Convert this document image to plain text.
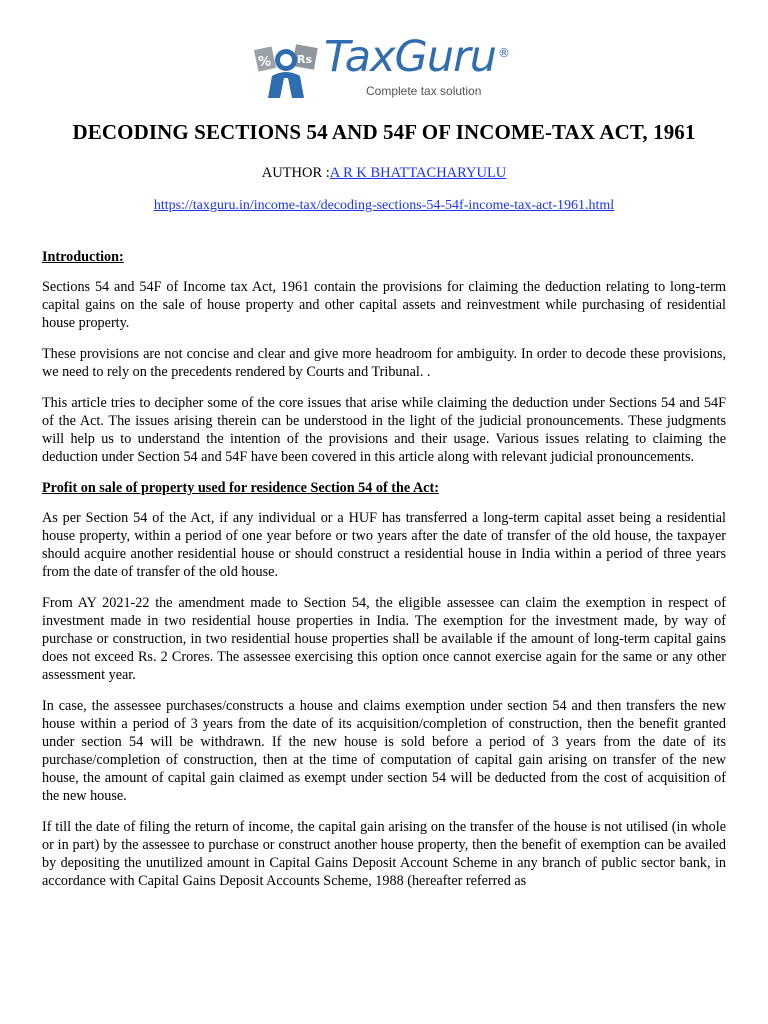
% Rs TaxGuru ®
Complete tax solution
DECODING SECTIONS 54 AND 54F OF INCOME-TAX ACT, 1961
AUTHOR :A R K BHATTACHARYULU
https://taxguru.in/income-tax/decoding-sections-54-54f-income-tax-act-1961.html
Introduction:

Sections 54 and 54F of Income tax Act, 1961 contain the provisions for claiming the deduction relating to long-term capital gains on the sale of house property and other capital assets and reinvestment while purchasing of residential house property.

These provisions are not concise and clear and give more headroom for ambiguity. In order to decode these provisions, we need to rely on the precedents rendered by Courts and Tribunal. .

This article tries to decipher some of the core issues that arise while claiming the deduction under Sections 54 and 54F of the Act. The issues arising therein can be understood in the light of the judicial pronouncements. These judgments will help us to understand the intention of the provisions and their usage. Various issues relating to claiming the deduction under Section 54 and 54F have been covered in this article along with relevant judicial pronouncements.

Profit on sale of property used for residence Section 54 of the Act:

As per Section 54 of the Act, if any individual or a HUF has transferred a long-term capital asset being a residential house property, within a period of one year before or two years after the date of transfer of the old house, the taxpayer should acquire another residential house or should construct a residential house in India within a period of three years from the date of transfer of the old house.

From AY 2021-22 the amendment made to Section 54, the eligible assessee can claim the exemption in respect of investment made in two residential house properties in India. The exemption for the investment made, by way of purchase or construction, in two residential house properties shall be available if the amount of long-term capital gains does not exceed Rs. 2 Crores. The assessee exercising this option once cannot exercise again for the same or any other assessment year.

In case, the assessee purchases/constructs a house and claims exemption under section 54 and then transfers the new house within a period of 3 years from the date of its acquisition/completion of construction, then the benefit granted under section 54 will be withdrawn. If the new house is sold before a period of 3 years from the date of its purchase/completion of construction, then at the time of computation of capital gain arising on transfer of the new house, the amount of capital gain claimed as exempt under section 54 will be deducted from the cost of acquisition of the new house.

If till the date of filing the return of income, the capital gain arising on the transfer of the house is not utilised (in whole or in part) by the assessee to purchase or construct another house property, then the benefit of exemption can be availed by depositing the unutilized amount in Capital Gains Deposit Account Scheme in any branch of public sector bank, in accordance with Capital Gains Deposit Accounts Scheme, 1988 (hereafter referred as
